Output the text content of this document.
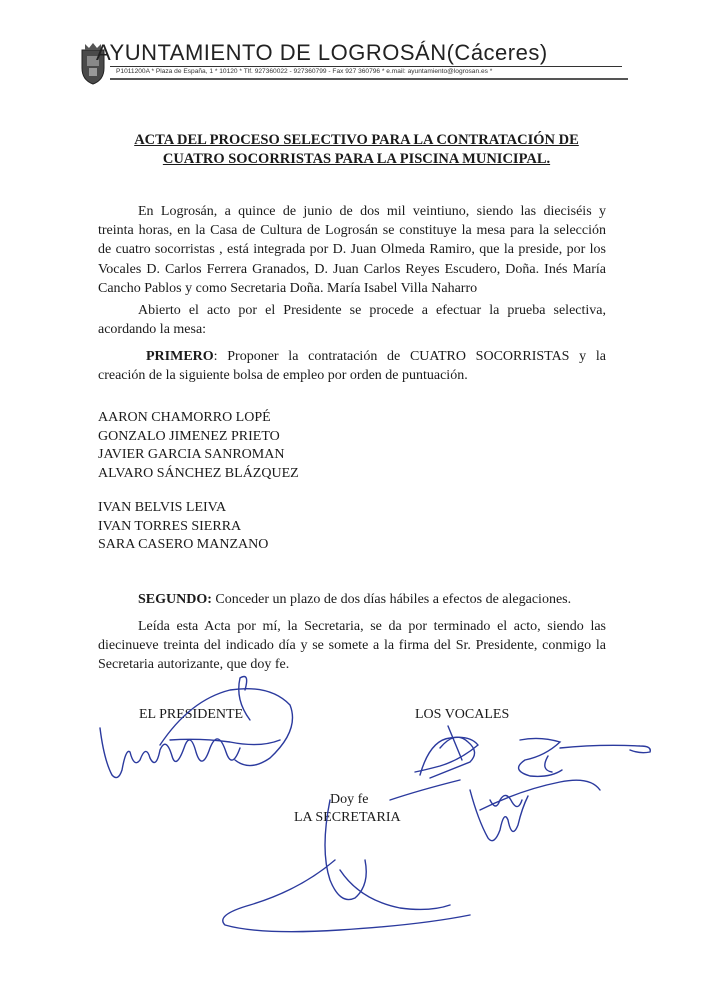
AYUNTAMIENTO DE LOGROSÁN(Cáceres)
P1011200A * Plaza de España, 1 * 10120 * Tlf. 927360022 - 927360799 - Fax 927 360796 * e.mail: ayuntamiento@logrosan.es *
ACTA DEL PROCESO SELECTIVO PARA LA CONTRATACIÓN DE
CUATRO SOCORRISTAS PARA LA PISCINA MUNICIPAL.
En Logrosán, a quince de junio de dos mil veintiuno, siendo las dieciséis y
treinta horas, en la Casa de Cultura de Logrosán se constituye la mesa para la selección
de cuatro socorristas , está integrada por D. Juan Olmeda Ramiro, que la preside, por los
Vocales D. Carlos Ferrera Granados, D. Juan Carlos Reyes Escudero, Doña. Inés María
Cancho Pablos y como Secretaria Doña. María Isabel Villa Naharro
Abierto el acto por el Presidente se procede a efectuar la prueba selectiva,
acordando la mesa:
PRIMERO: Proponer la contratación de CUATRO SOCORRISTAS y la
creación de la siguiente bolsa de empleo por orden de puntuación.
AARON CHAMORRO LOPÉ
GONZALO JIMENEZ PRIETO
JAVIER GARCIA SANROMAN
ALVARO SÁNCHEZ BLÁZQUEZ
IVAN BELVIS LEIVA
IVAN TORRES SIERRA
SARA CASERO MANZANO
SEGUNDO: Conceder un plazo de dos días hábiles a efectos de alegaciones.
Leída esta Acta por mí, la Secretaria, se da por terminado el acto, siendo las
diecinueve treinta del indicado día y se somete a la firma del Sr. Presidente, conmigo la
Secretaria autorizante, que doy fe.
EL PRESIDENTE	LOS VOCALES
Doy fe
LA SECRETARIA
